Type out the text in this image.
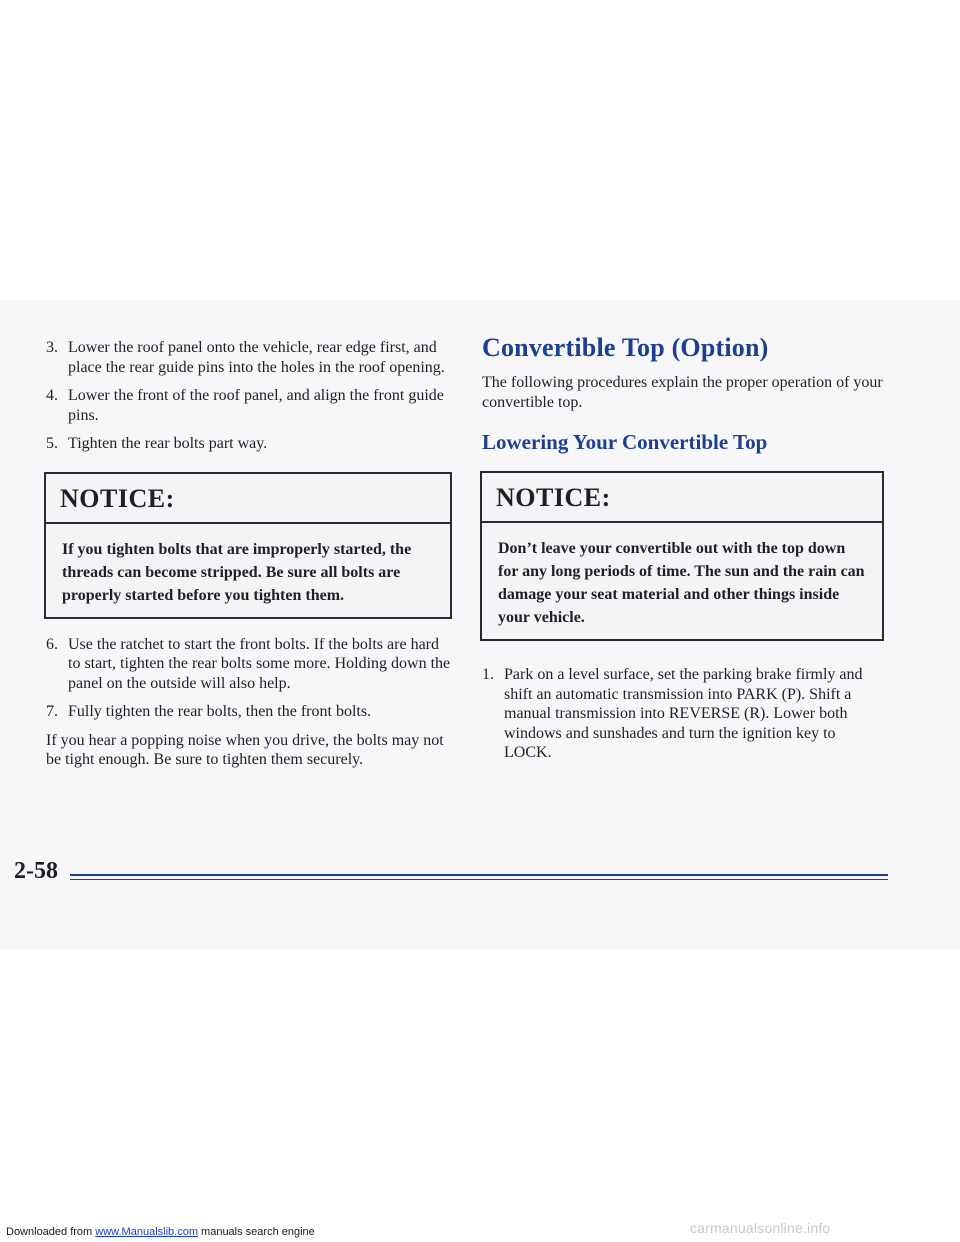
3. Lower the roof panel onto the vehicle, rear edge first, and place the rear guide pins into the holes in the roof opening.
4. Lower the front of the roof panel, and align the front guide pins.
5. Tighten the rear bolts part way.
NOTICE:
If you tighten bolts that are improperly started, the threads can become stripped. Be sure all bolts are properly started before you tighten them.
6. Use the ratchet to start the front bolts. If the bolts are hard to start, tighten the rear bolts some more. Holding down the panel on the outside will also help.
7. Fully tighten the rear bolts, then the front bolts.

If you hear a popping noise when you drive, the bolts may not be tight enough. Be sure to tighten them securely.

Convertible Top (Option)

The following procedures explain the proper operation of your convertible top.

Lowering Your Convertible Top
NOTICE:
Don’t leave your convertible out with the top down for any long periods of time. The sun and the rain can damage your seat material and other things inside your vehicle.
1. Park on a level surface, set the parking brake firmly and shift an automatic transmission into PARK (P). Shift a manual transmission into REVERSE (R). Lower both windows and sunshades and turn the ignition key to LOCK.
2-58
Downloaded from www.Manualslib.com manuals search engine	carmanualsonline.info
